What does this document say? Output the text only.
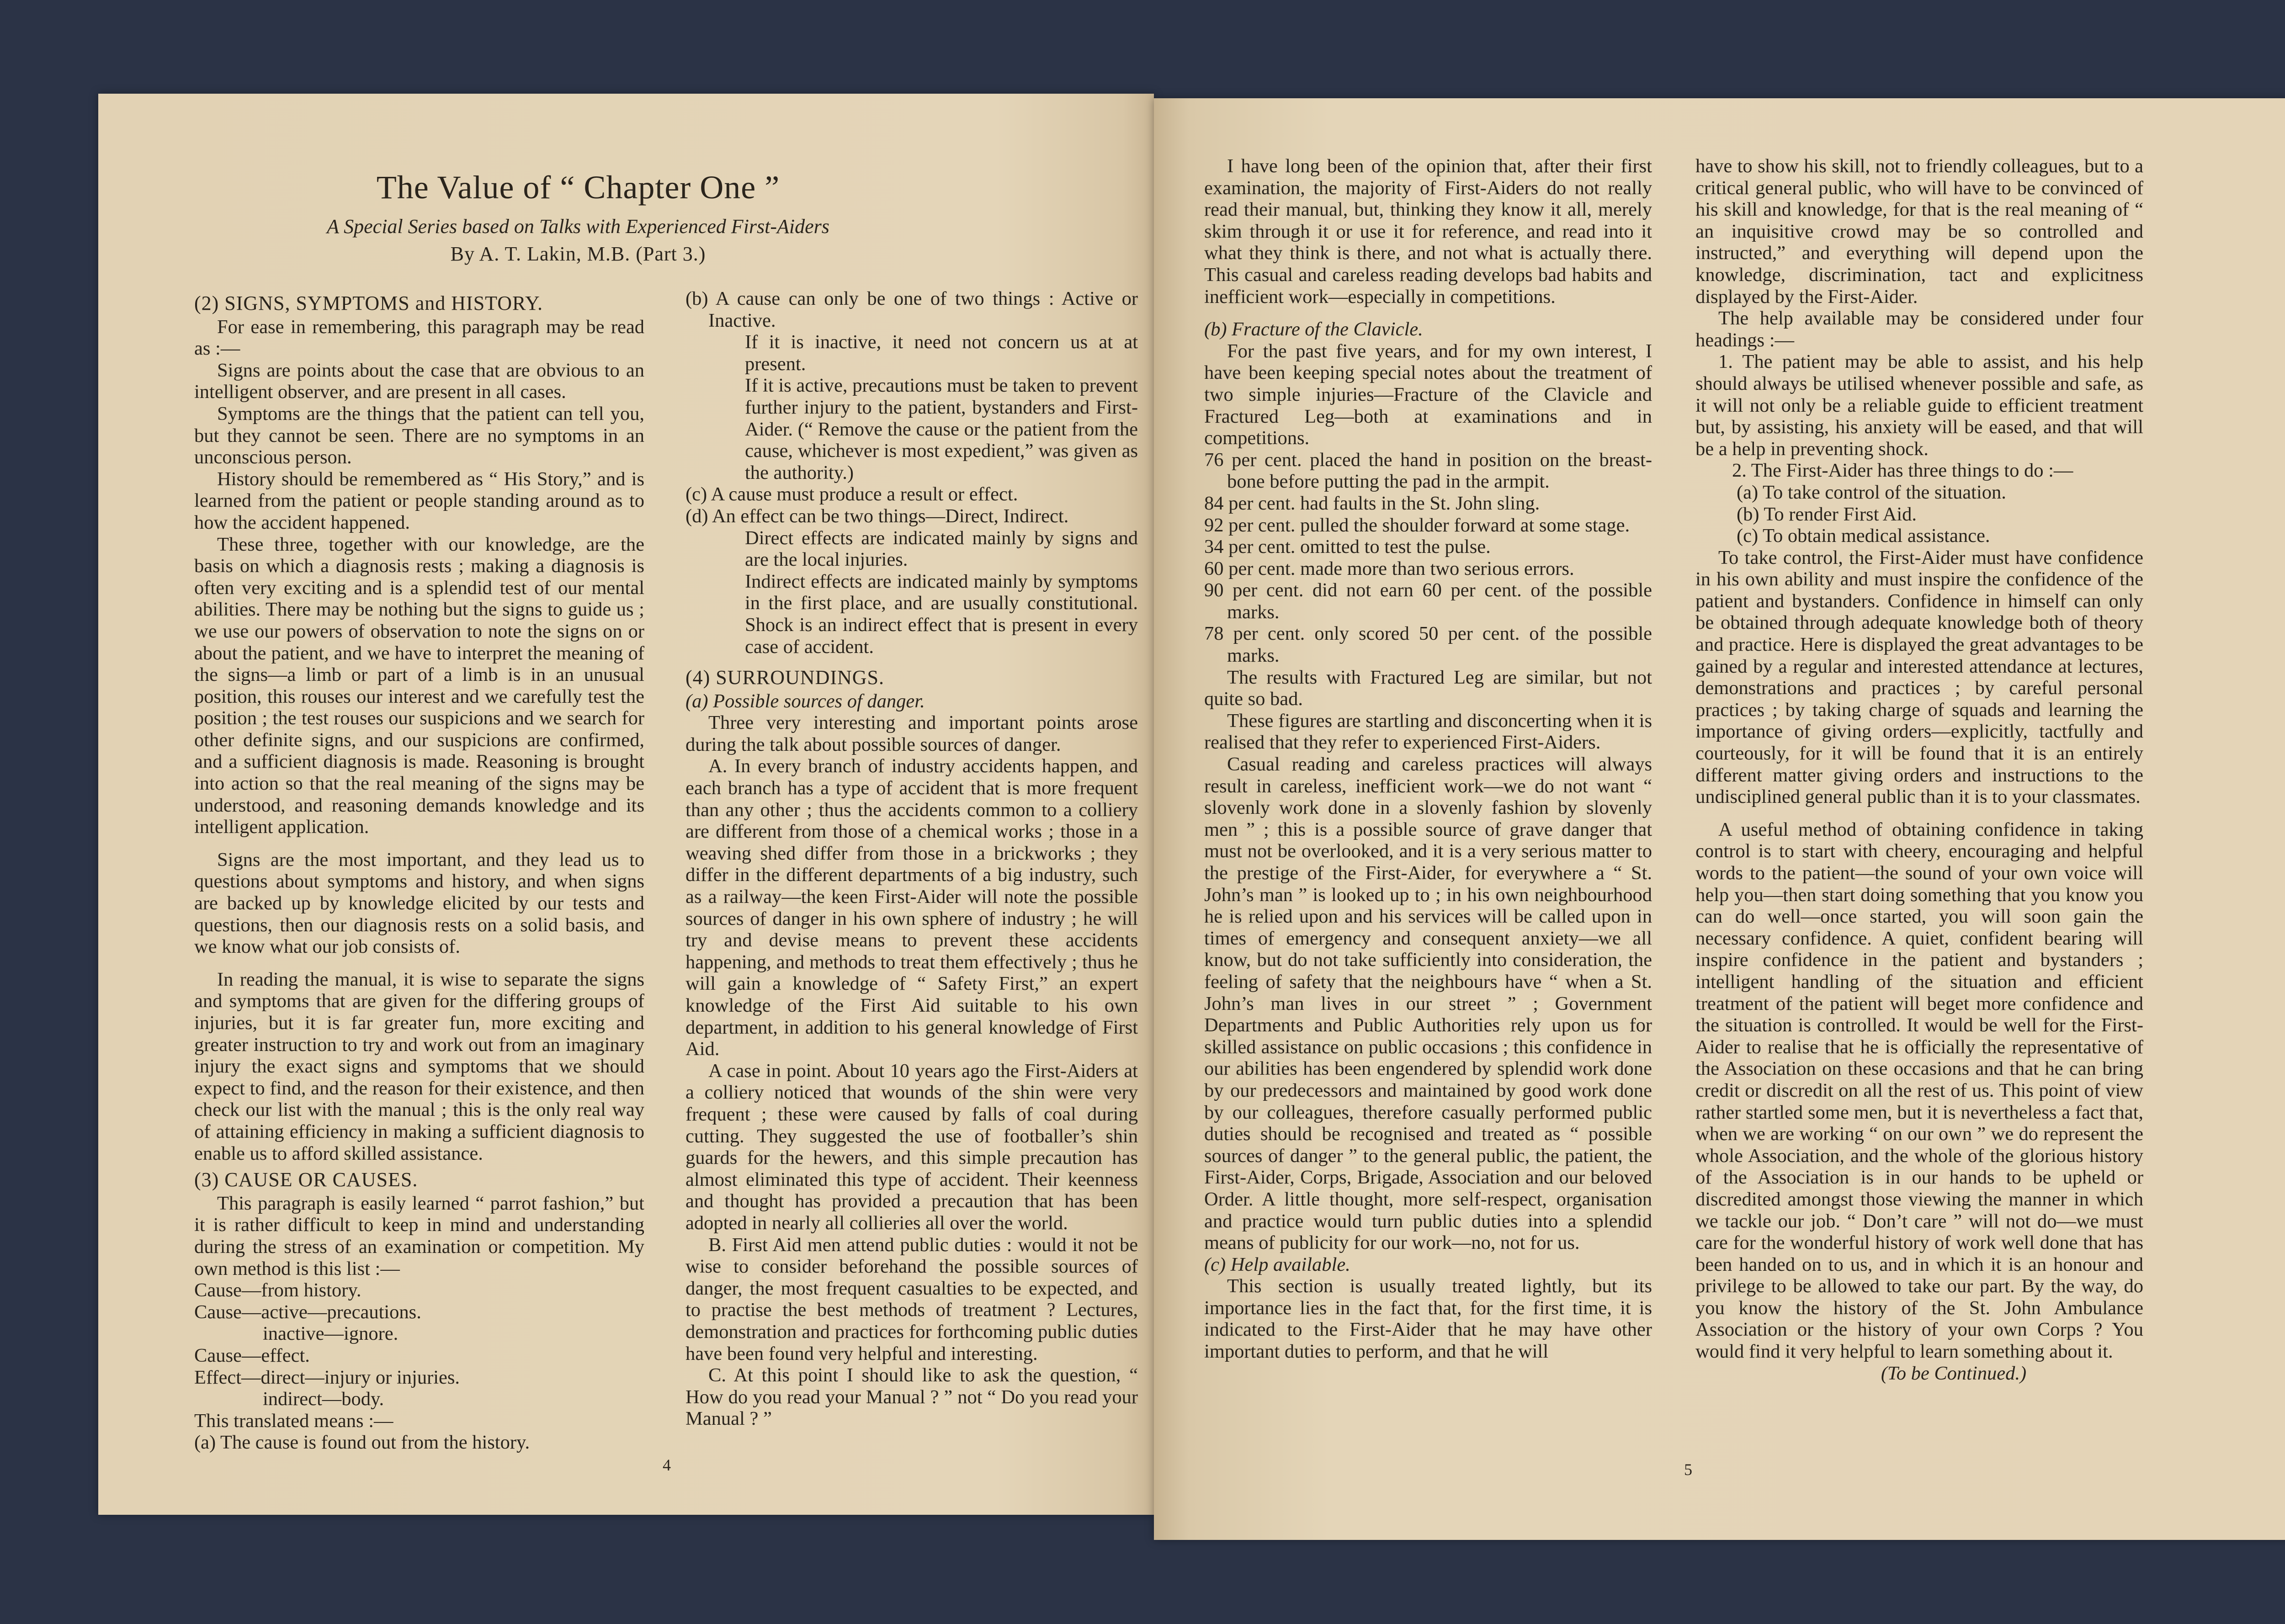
The Value of “ Chapter One ”
A Special Series based on Talks with Experienced First-Aiders
By A. T. Lakin, M.B. (Part 3.)
(2) SIGNS, SYMPTOMS and HISTORY.

For ease in remembering, this paragraph may be read as :—

Signs are points about the case that are obvious to an intelligent observer, and are present in all cases.

Symptoms are the things that the patient can tell you, but they cannot be seen. There are no symptoms in an unconscious person.

History should be remembered as “ His Story,” and is learned from the patient or people standing around as to how the accident happened.

These three, together with our knowledge, are the basis on which a diagnosis rests ; making a diagnosis is often very exciting and is a splendid test of our mental abilities. There may be nothing but the signs to guide us ; we use our powers of observation to note the signs on or about the patient, and we have to interpret the meaning of the signs—a limb or part of a limb is in an unusual position, this rouses our interest and we carefully test the position ; the test rouses our suspicions and we search for other definite signs, and our suspicions are confirmed, and a sufficient diagnosis is made. Reasoning is brought into action so that the real meaning of the signs may be understood, and reasoning demands knowledge and its intelligent application.

Signs are the most important, and they lead us to questions about symptoms and history, and when signs are backed up by knowledge elicited by our tests and questions, then our diagnosis rests on a solid basis, and we know what our job consists of.

In reading the manual, it is wise to separate the signs and symptoms that are given for the differing groups of injuries, but it is far greater fun, more exciting and greater instruction to try and work out from an imaginary injury the exact signs and symptoms that we should expect to find, and the reason for their existence, and then check our list with the manual ; this is the only real way of attaining efficiency in making a sufficient diagnosis to enable us to afford skilled assistance.

(3) CAUSE OR CAUSES.

This paragraph is easily learned “ parrot fashion,” but it is rather difficult to keep in mind and understanding during the stress of an examination or competition. My own method is this list :—

Cause—from history.

Cause—active—precautions.

inactive—ignore.

Cause—effect.

Effect—direct—injury or injuries.

indirect—body.

This translated means :—

(a) The cause is found out from the history.

(b) A cause can only be one of two things : Active or Inactive.

If it is inactive, it need not concern us at at present.

If it is active, precautions must be taken to prevent further injury to the patient, bystanders and First-Aider. (“ Remove the cause or the patient from the cause, whichever is most expedient,” was given as the authority.)

(c) A cause must produce a result or effect.

(d) An effect can be two things—Direct, Indirect.

Direct effects are indicated mainly by signs and are the local injuries.

Indirect effects are indicated mainly by symptoms in the first place, and are usually constitutional. Shock is an indirect effect that is present in every case of accident.

(4) SURROUNDINGS.

(a) Possible sources of danger.

Three very interesting and important points arose during the talk about possible sources of danger.

A. In every branch of industry accidents happen, and each branch has a type of accident that is more frequent than any other ; thus the accidents common to a colliery are different from those of a chemical works ; those in a weaving shed differ from those in a brickworks ; they differ in the different departments of a big industry, such as a railway—the keen First-Aider will note the possible sources of danger in his own sphere of industry ; he will try and devise means to prevent these accidents happening, and methods to treat them effectively ; thus he will gain a knowledge of “ Safety First,” an expert knowledge of the First Aid suitable to his own department, in addition to his general knowledge of First Aid.

A case in point. About 10 years ago the First-Aiders at a colliery noticed that wounds of the shin were very frequent ; these were caused by falls of coal during cutting. They suggested the use of footballer’s shin guards for the hewers, and this simple precaution has almost eliminated this type of accident. Their keenness and thought has provided a precaution that has been adopted in nearly all collieries all over the world.

B. First Aid men attend public duties : would it not be wise to consider beforehand the possible sources of danger, the most frequent casualties to be expected, and to practise the best methods of treatment ? Lectures, demonstration and practices for forthcoming public duties have been found very helpful and interesting.

C. At this point I should like to ask the question, “ How do you read your Manual ? ” not “ Do you read your Manual ? ”

4

I have long been of the opinion that, after their first examination, the majority of First-Aiders do not really read their manual, but, thinking they know it all, merely skim through it or use it for reference, and read into it what they think is there, and not what is actually there. This casual and careless reading develops bad habits and inefficient work—especially in competitions.

(b) Fracture of the Clavicle.

For the past five years, and for my own interest, I have been keeping special notes about the treatment of two simple injuries—Fracture of the Clavicle and Fractured Leg—both at examinations and in competitions.

76 per cent. placed the hand in position on the breast-bone before putting the pad in the armpit.

84 per cent. had faults in the St. John sling.

92 per cent. pulled the shoulder forward at some stage.

34 per cent. omitted to test the pulse.

60 per cent. made more than two serious errors.

90 per cent. did not earn 60 per cent. of the possible marks.

78 per cent. only scored 50 per cent. of the possible marks.

The results with Fractured Leg are similar, but not quite so bad.

These figures are startling and disconcerting when it is realised that they refer to experienced First-Aiders.

Casual reading and careless practices will always result in careless, inefficient work—we do not want “ slovenly work done in a slovenly fashion by slovenly men ” ; this is a possible source of grave danger that must not be overlooked, and it is a very serious matter to the prestige of the First-Aider, for everywhere a “ St. John’s man ” is looked up to ; in his own neighbourhood he is relied upon and his services will be called upon in times of emergency and consequent anxiety—we all know, but do not take sufficiently into consideration, the feeling of safety that the neighbours have “ when a St. John’s man lives in our street ” ; Government Departments and Public Authorities rely upon us for skilled assistance on public occasions ; this confidence in our abilities has been engendered by splendid work done by our predecessors and maintained by good work done by our colleagues, therefore casually performed public duties should be recognised and treated as “ possible sources of danger ” to the general public, the patient, the First-Aider, Corps, Brigade, Association and our beloved Order. A little thought, more self-respect, organisation and practice would turn public duties into a splendid means of publicity for our work—no, not for us.

(c) Help available.

This section is usually treated lightly, but its importance lies in the fact that, for the first time, it is indicated to the First-Aider that he may have other important duties to perform, and that he will

have to show his skill, not to friendly colleagues, but to a critical general public, who will have to be convinced of his skill and knowledge, for that is the real meaning of “ an inquisitive crowd may be so controlled and instructed,” and everything will depend upon the knowledge, discrimination, tact and explicitness displayed by the First-Aider.

The help available may be considered under four headings :—

1. The patient may be able to assist, and his help should always be utilised whenever possible and safe, as it will not only be a reliable guide to efficient treatment but, by assisting, his anxiety will be eased, and that will be a help in preventing shock.

2. The First-Aider has three things to do :—

(a) To take control of the situation.

(b) To render First Aid.

(c) To obtain medical assistance.

To take control, the First-Aider must have confidence in his own ability and must inspire the confidence of the patient and bystanders. Confidence in himself can only be obtained through adequate knowledge both of theory and practice. Here is displayed the great advantages to be gained by a regular and interested attendance at lectures, demonstrations and practices ; by careful personal practices ; by taking charge of squads and learning the importance of giving orders—explicitly, tactfully and courteously, for it will be found that it is an entirely different matter giving orders and instructions to the undisciplined general public than it is to your classmates.

A useful method of obtaining confidence in taking control is to start with cheery, encouraging and helpful words to the patient—the sound of your own voice will help you—then start doing something that you know you can do well—once started, you will soon gain the necessary confidence. A quiet, confident bearing will inspire confidence in the patient and bystanders ; intelligent handling of the situation and efficient treatment of the patient will beget more confidence and the situation is controlled. It would be well for the First-Aider to realise that he is officially the representative of the Association on these occasions and that he can bring credit or discredit on all the rest of us. This point of view rather startled some men, but it is nevertheless a fact that, when we are working “ on our own ” we do represent the whole Association, and the whole of the glorious history of the Association is in our hands to be upheld or discredited amongst those viewing the manner in which we tackle our job. “ Don’t care ” will not do—we must care for the wonderful history of work well done that has been handed on to us, and in which it is an honour and privilege to be allowed to take our part. By the way, do you know the history of the St. John Ambulance Association or the history of your own Corps ? You would find it very helpful to learn something about it.

(To be Continued.)

5
